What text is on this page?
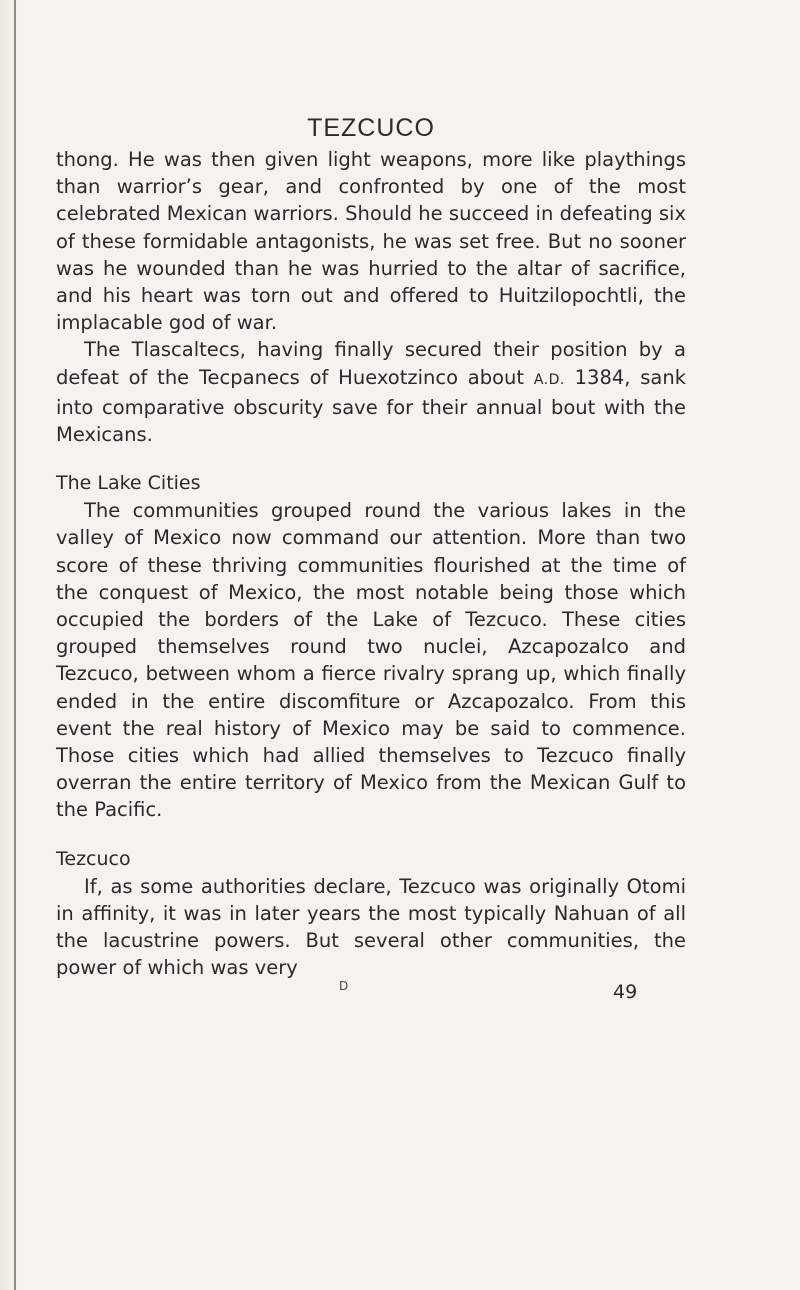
TEZCUCO

thong. He was then given light weapons, more like playthings than warrior’s gear, and confronted by one of the most celebrated Mexican warriors. Should he succeed in defeating six of these formidable antagonists, he was set free. But no sooner was he wounded than he was hurried to the altar of sacrifice, and his heart was torn out and offered to Huitzilopochtli, the implacable god of war.

The Tlascaltecs, having finally secured their position by a defeat of the Tecpanecs of Huexotzinco about A.D. 1384, sank into comparative obscurity save for their annual bout with the Mexicans.

The Lake Cities

The communities grouped round the various lakes in the valley of Mexico now command our attention. More than two score of these thriving communities flourished at the time of the conquest of Mexico, the most notable being those which occupied the borders of the Lake of Tezcuco. These cities grouped themselves round two nuclei, Azcapozalco and Tezcuco, between whom a fierce rivalry sprang up, which finally ended in the entire discomfiture or Azcapozalco. From this event the real history of Mexico may be said to commence. Those cities which had allied themselves to Tezcuco finally overran the entire territory of Mexico from the Mexican Gulf to the Pacific.

Tezcuco

If, as some authorities declare, Tezcuco was originally Otomi in affinity, it was in later years the most typically Nahuan of all the lacustrine powers. But several other communities, the power of which was very

D	49
